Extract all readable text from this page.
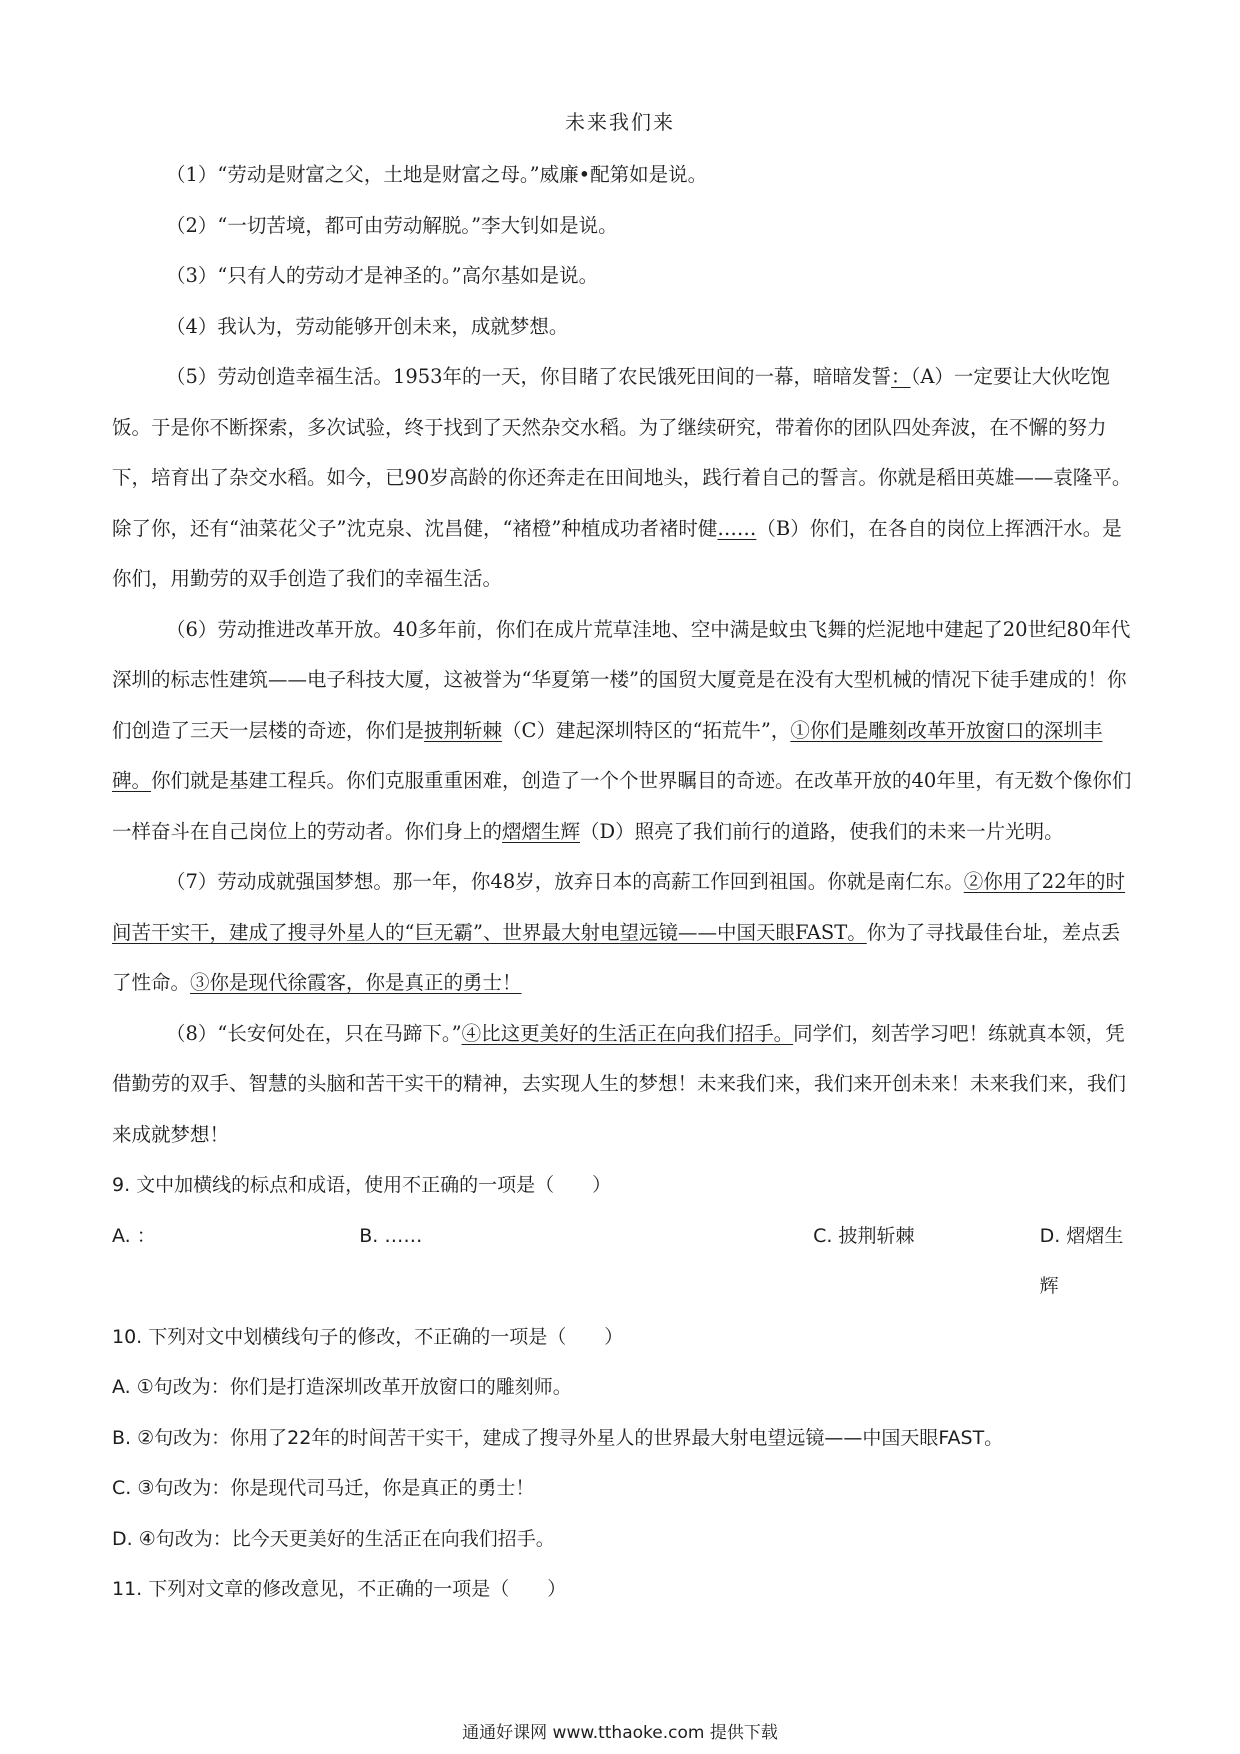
未来我们来

（1）“劳动是财富之父，土地是财富之母。”威廉•配第如是说。

（2）“一切苦境，都可由劳动解脱。”李大钊如是说。

（3）“只有人的劳动才是神圣的。”高尔基如是说。

（4）我认为，劳动能够开创未来，成就梦想。

（5）劳动创造幸福生活。1953年的一天，你目睹了农民饿死田间的一幕，暗暗发誓：（A）一定要让大伙吃饱饭。于是你不断探索，多次试验，终于找到了天然杂交水稻。为了继续研究，带着你的团队四处奔波，在不懈的努力下，培育出了杂交水稻。如今，已90岁高龄的你还奔走在田间地头，践行着自己的誓言。你就是稻田英雄——袁隆平。除了你，还有“油菜花父子”沈克泉、沈昌健，“褚橙”种植成功者褚时健……（B）你们，在各自的岗位上挥洒汗水。是你们，用勤劳的双手创造了我们的幸福生活。

（6）劳动推进改革开放。40多年前，你们在成片荒草洼地、空中满是蚊虫飞舞的烂泥地中建起了20世纪80年代深圳的标志性建筑——电子科技大厦，这被誉为“华夏第一楼”的国贸大厦竟是在没有大型机械的情况下徒手建成的！你们创造了三天一层楼的奇迹，你们是披荆斩棘（C）建起深圳特区的“拓荒牛”，①你们是雕刻改革开放窗口的深圳丰碑。你们就是基建工程兵。你们克服重重困难，创造了一个个世界瞩目的奇迹。在改革开放的40年里，有无数个像你们一样奋斗在自己岗位上的劳动者。你们身上的熠熠生辉（D）照亮了我们前行的道路，使我们的未来一片光明。

（7）劳动成就强国梦想。那一年，你48岁，放弃日本的高薪工作回到祖国。你就是南仁东。②你用了22年的时间苦干实干，建成了搜寻外星人的“巨无霸”、世界最大射电望远镜——中国天眼FAST。你为了寻找最佳台址，差点丢了性命。③你是现代徐霞客，你是真正的勇士！

（8）“长安何处在，只在马蹄下。”④比这更美好的生活正在向我们招手。同学们，刻苦学习吧！练就真本领，凭借勤劳的双手、智慧的头脑和苦干实干的精神，去实现人生的梦想！未来我们来，我们来开创未来！未来我们来，我们来成就梦想！

9. 文中加横线的标点和成语，使用不正确的一项是（　　）

A. ：	B. ……	C. 披荆斩棘	D. 熠熠生辉

10. 下列对文中划横线句子的修改，不正确的一项是（　　）

A. ①句改为：你们是打造深圳改革开放窗口的雕刻师。

B. ②句改为：你用了22年的时间苦干实干，建成了搜寻外星人的世界最大射电望远镜——中国天眼FAST。

C. ③句改为：你是现代司马迁，你是真正的勇士！

D. ④句改为：比今天更美好的生活正在向我们招手。

11. 下列对文章的修改意见，不正确的一项是（　　）

通通好课网 www.tthaoke.com 提供下载
